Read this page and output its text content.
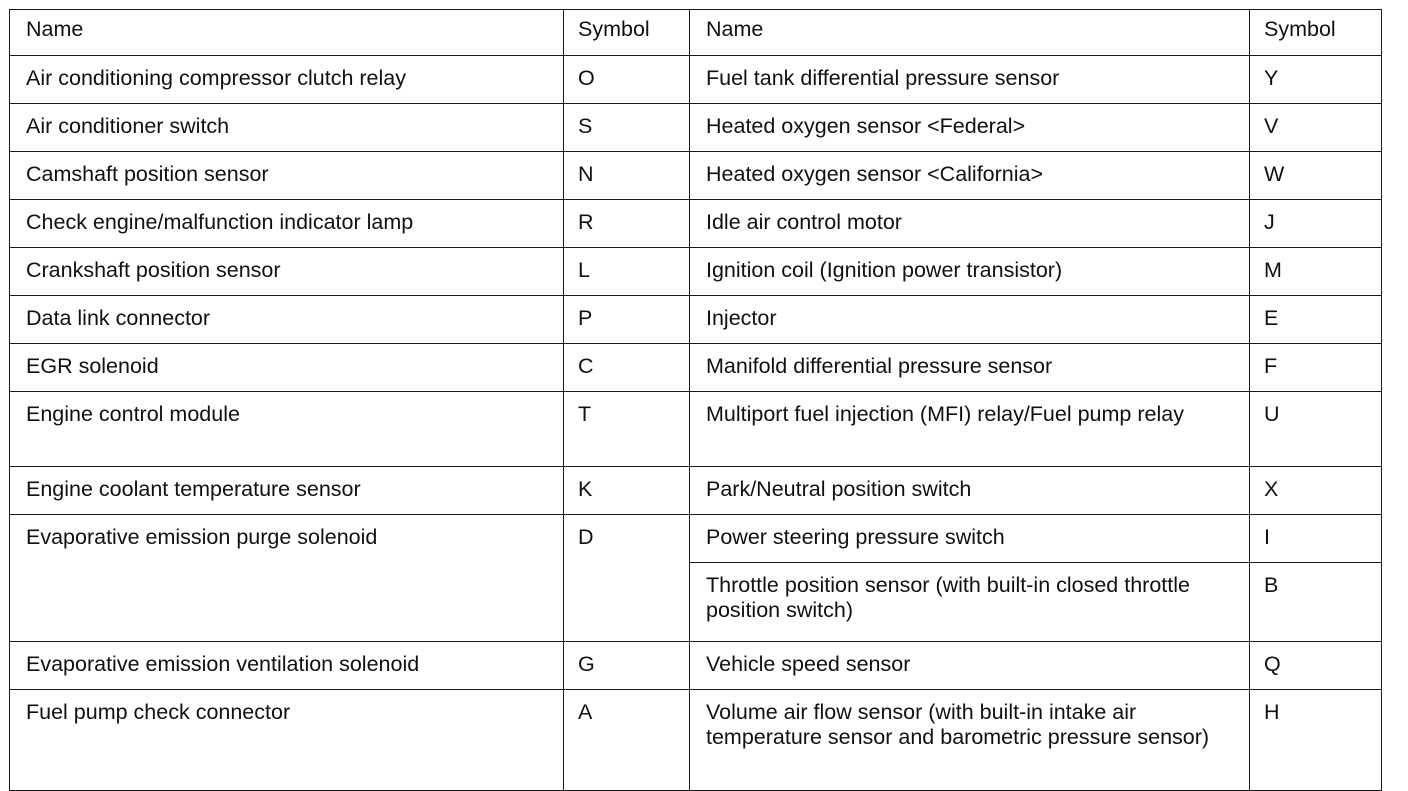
Name	Symbol	Name	Symbol
Air conditioning compressor clutch relay	O	Fuel tank differential pressure sensor	Y
Air conditioner switch	S	Heated oxygen sensor <Federal>	V
Camshaft position sensor	N	Heated oxygen sensor <California>	W
Check engine/malfunction indicator lamp	R	Idle air control motor	J
Crankshaft position sensor	L	Ignition coil (Ignition power transistor)	M
Data link connector	P	Injector	E
EGR solenoid	C	Manifold differential pressure sensor	F
Engine control module	T	Multiport fuel injection (MFI) relay/Fuel pump relay	U
Engine coolant temperature sensor	K	Park/Neutral position switch	X
Evaporative emission purge solenoid	D	Power steering pressure switch	I
		Throttle position sensor (with built-in closed throttle position switch)	B
Evaporative emission ventilation solenoid	G	Vehicle speed sensor	Q
Fuel pump check connector	A	Volume air flow sensor (with built-in intake air temperature sensor and barometric pressure sensor)	H
